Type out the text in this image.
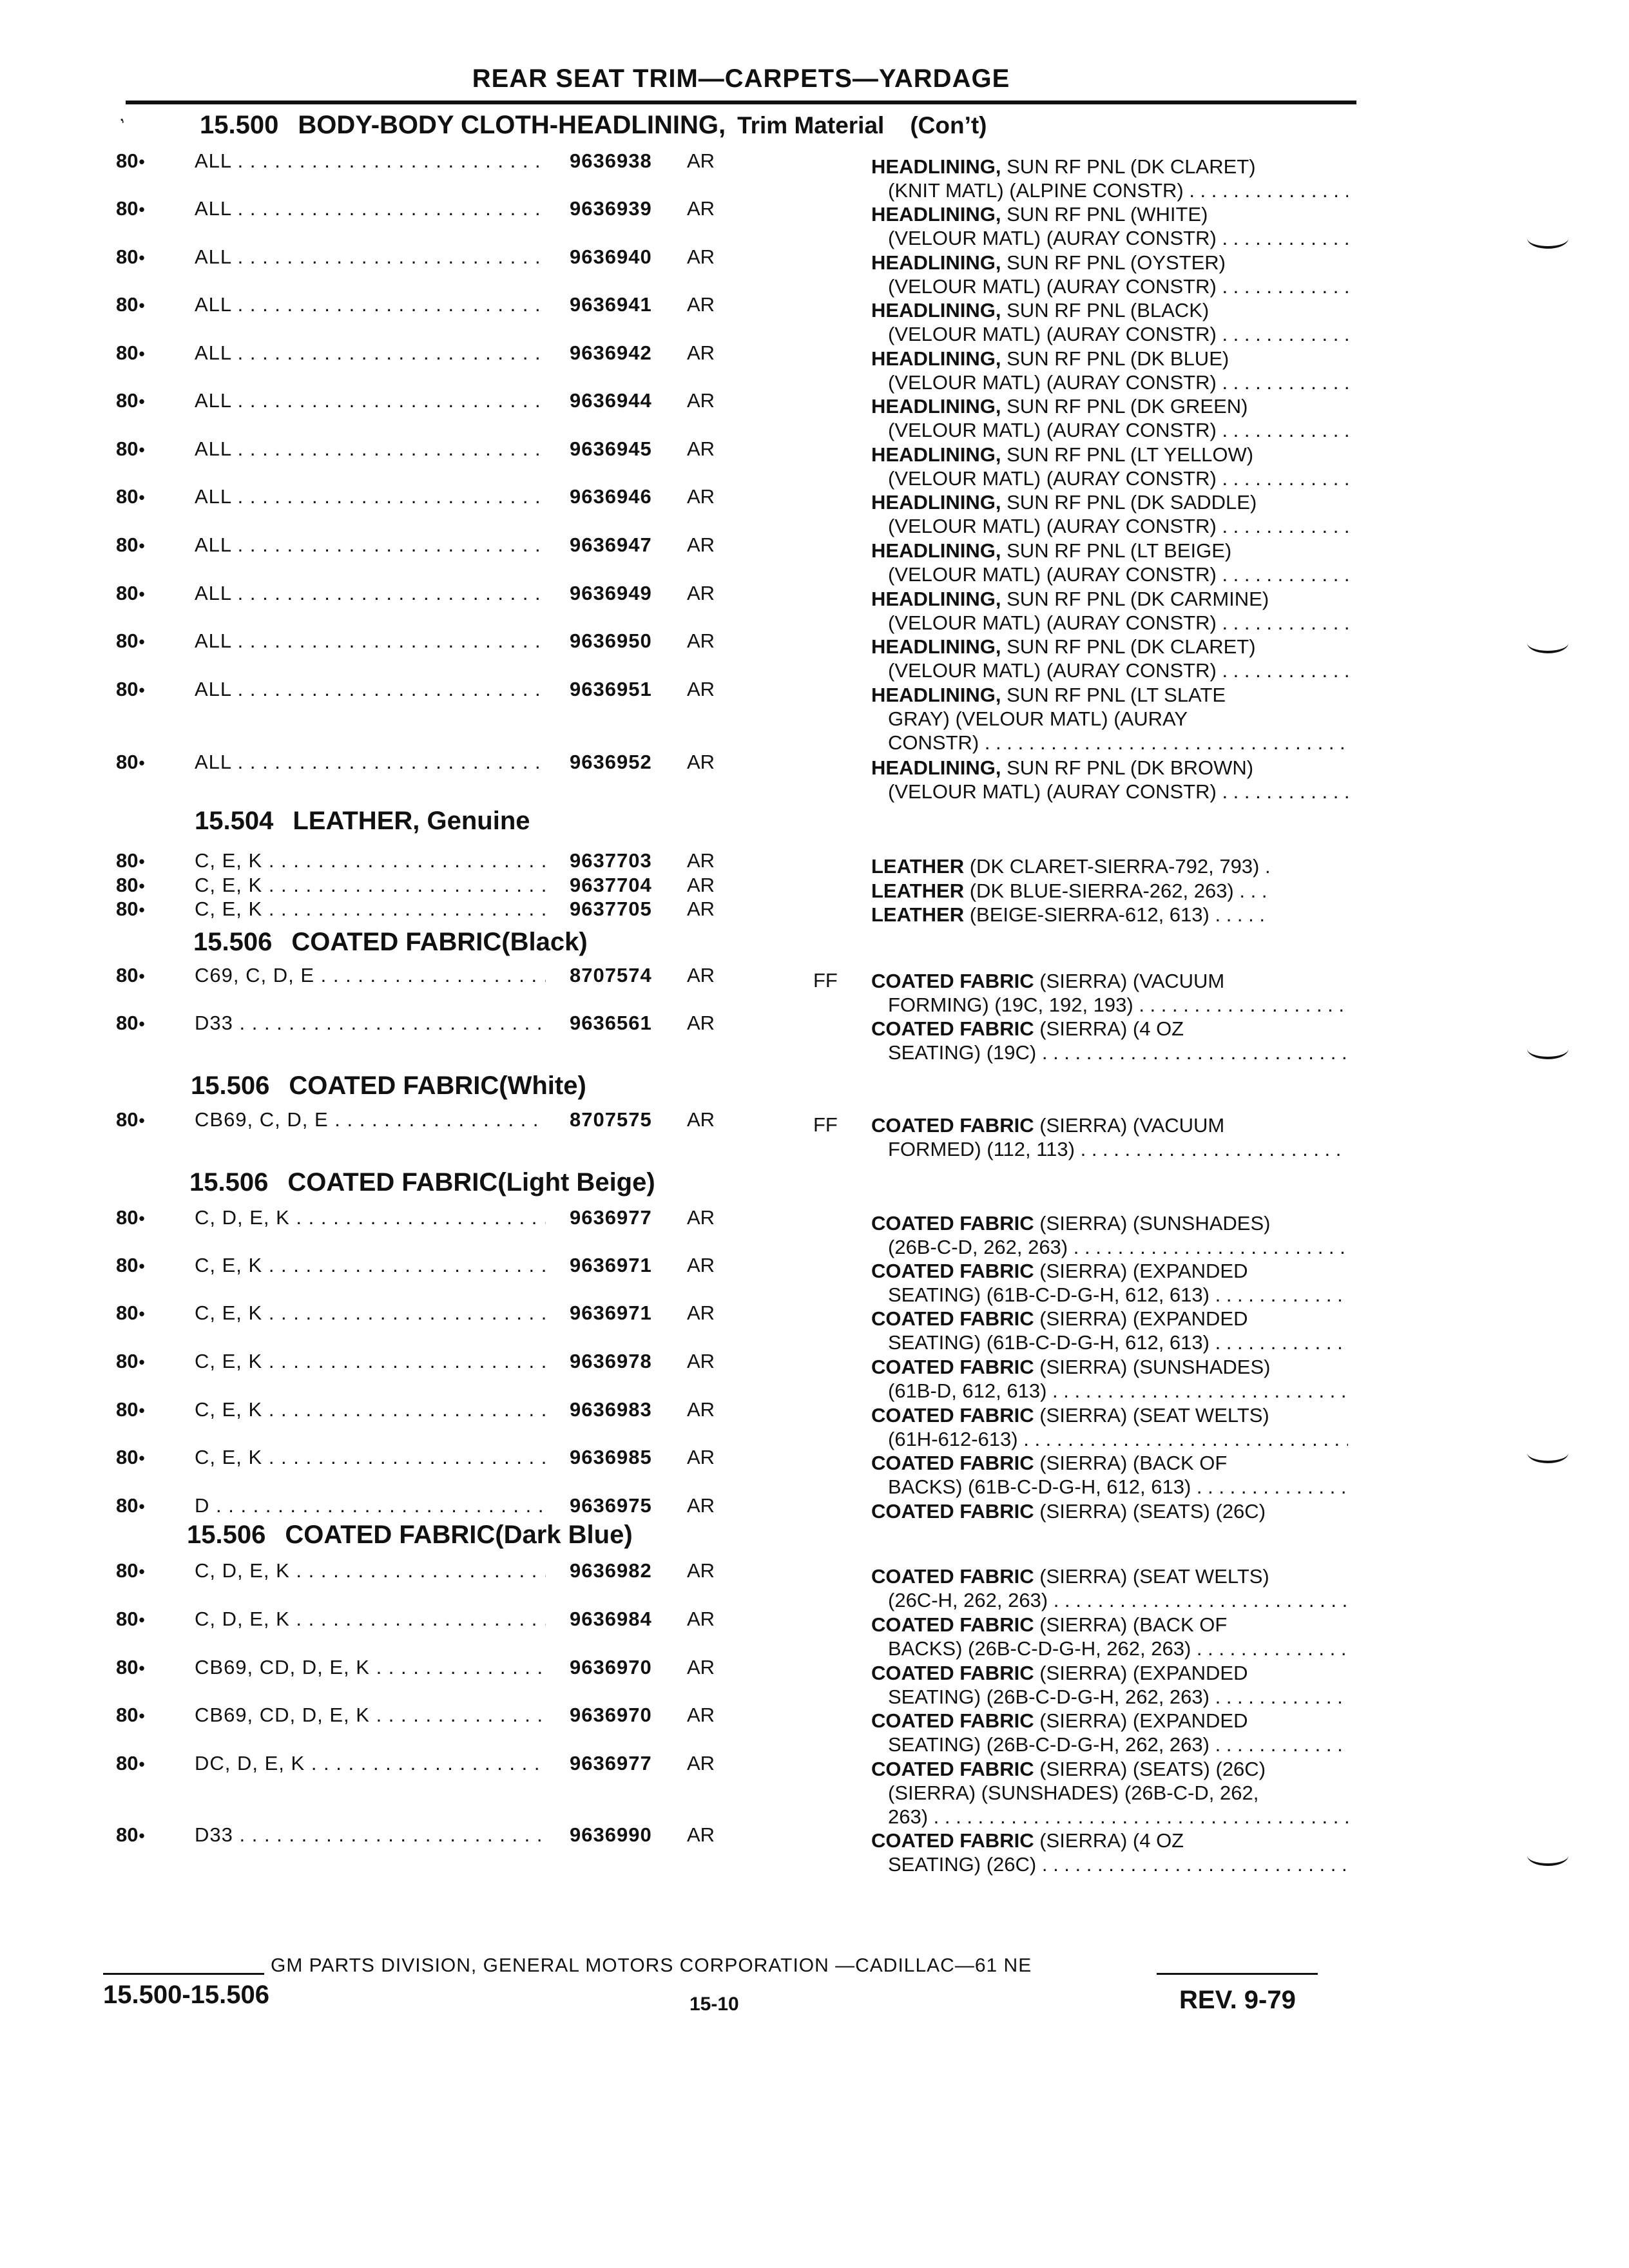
REAR SEAT TRIM—CARPETS—YARDAGE
’	15.500 BODY-BODY CLOTH-HEADLINING, Trim Material (Con’t)
15.504 LEATHER, Genuine
15.506 COATED FABRIC(Black)
15.506 COATED FABRIC(White)
15.506 COATED FABRIC(Light Beige)
15.506 COATED FABRIC(Dark Blue)
80 •	ALL . . .	9636938 AR	HEADLINING, SUN RF PNL (DK CLARET)
(KNIT MATL) (ALPINE CONSTR) . . .
80 •	ALL . . .	9636939 AR	HEADLINING, SUN RF PNL (WHITE)
(VELOUR MATL) (AURAY CONSTR) . . .
80 •	ALL . . .	9636940 AR	HEADLINING, SUN RF PNL (OYSTER)
(VELOUR MATL) (AURAY CONSTR) . . .
80 •	ALL . . .	9636941 AR	HEADLINING, SUN RF PNL (BLACK)
(VELOUR MATL) (AURAY CONSTR) . . .
80 •	ALL . . .	9636942 AR	HEADLINING, SUN RF PNL (DK BLUE)
(VELOUR MATL) (AURAY CONSTR) . . .
80 •	ALL . . .	9636944 AR	HEADLINING, SUN RF PNL (DK GREEN)
(VELOUR MATL) (AURAY CONSTR) . . .
80 •	ALL . . .	9636945 AR	HEADLINING, SUN RF PNL (LT YELLOW)
(VELOUR MATL) (AURAY CONSTR) . . .
80 •	ALL . . .	9636946 AR	HEADLINING, SUN RF PNL (DK SADDLE)
(VELOUR MATL) (AURAY CONSTR) . . .
80 •	ALL . . .	9636947 AR	HEADLINING, SUN RF PNL (LT BEIGE)
(VELOUR MATL) (AURAY CONSTR) . . .
80 •	ALL . . .	9636949 AR	HEADLINING, SUN RF PNL (DK CARMINE)
(VELOUR MATL) (AURAY CONSTR) . . .
80 •	ALL . . .	9636950 AR	HEADLINING, SUN RF PNL (DK CLARET)
(VELOUR MATL) (AURAY CONSTR) . . .
80 •	ALL . . .	9636951 AR	HEADLINING, SUN RF PNL (LT SLATE
GRAY) (VELOUR MATL) (AURAY
CONSTR) . . .
80 •	ALL . . .	9636952 AR	HEADLINING, SUN RF PNL (DK BROWN)
(VELOUR MATL) (AURAY CONSTR) . . .
80 •	C, E, K . . .	9637703 AR	LEATHER (DK CLARET-SIERRA-792, 793) .
80 •	C, E, K . . .	9637704 AR	LEATHER (DK BLUE-SIERRA-262, 263) . . .
80 •	C, E, K . . .	9637705 AR	LEATHER (BEIGE-SIERRA-612, 613) . . . . .
80 •	C69, C, D, E . . .	8707574 AR	FF COATED FABRIC (SIERRA) (VACUUM
FORMING) (19C, 192, 193) . . .
80 •	D33 . . .	9636561 AR	COATED FABRIC (SIERRA) (4 OZ
SEATING) (19C) . . .
80 •	CB69, C, D, E . . .	8707575 AR	FF COATED FABRIC (SIERRA) (VACUUM
FORMED) (112, 113) . . .
80 •	C, D, E, K . . .	9636977 AR	COATED FABRIC (SIERRA) (SUNSHADES)
(26B-C-D, 262, 263) . . .
80 •	C, E, K . . .	9636971 AR	COATED FABRIC (SIERRA) (EXPANDED
SEATING) (61B-C-D-G-H, 612, 613) . . .
80 •	C, E, K . . .	9636971 AR	COATED FABRIC (SIERRA) (EXPANDED
SEATING) (61B-C-D-G-H, 612, 613) . . .
80 •	C, E, K . . .	9636978 AR	COATED FABRIC (SIERRA) (SUNSHADES)
(61B-D, 612, 613) . . .
80 •	C, E, K . . .	9636983 AR	COATED FABRIC (SIERRA) (SEAT WELTS)
(61H-612-613) . . .
80 •	C, E, K . . .	9636985 AR	COATED FABRIC (SIERRA) (BACK OF
BACKS) (61B-C-D-G-H, 612, 613) . . .
80 •	D . . .	9636975 AR	COATED FABRIC (SIERRA) (SEATS) (26C)
80 •	C, D, E, K . . .	9636982 AR	COATED FABRIC (SIERRA) (SEAT WELTS)
(26C-H, 262, 263) . . .
80 •	C, D, E, K . . .	9636984 AR	COATED FABRIC (SIERRA) (BACK OF
BACKS) (26B-C-D-G-H, 262, 263) . . .
80 •	CB69, CD, D, E, K . . .	9636970 AR	COATED FABRIC (SIERRA) (EXPANDED
SEATING) (26B-C-D-G-H, 262, 263) . . .
80 •	CB69, CD, D, E, K . . .	9636970 AR	COATED FABRIC (SIERRA) (EXPANDED
SEATING) (26B-C-D-G-H, 262, 263) . . .
80 •	DC, D, E, K . . .	9636977 AR	COATED FABRIC (SIERRA) (SEATS) (26C)
(SIERRA) (SUNSHADES) (26B-C-D, 262,
263) . . .
80 •	D33 . . .	9636990 AR	COATED FABRIC (SIERRA) (4 OZ
SEATING) (26C) . . .
GM PARTS DIVISION, GENERAL MOTORS CORPORATION —CADILLAC—61 NE
15.500-15.506	15-10	REV. 9-79
